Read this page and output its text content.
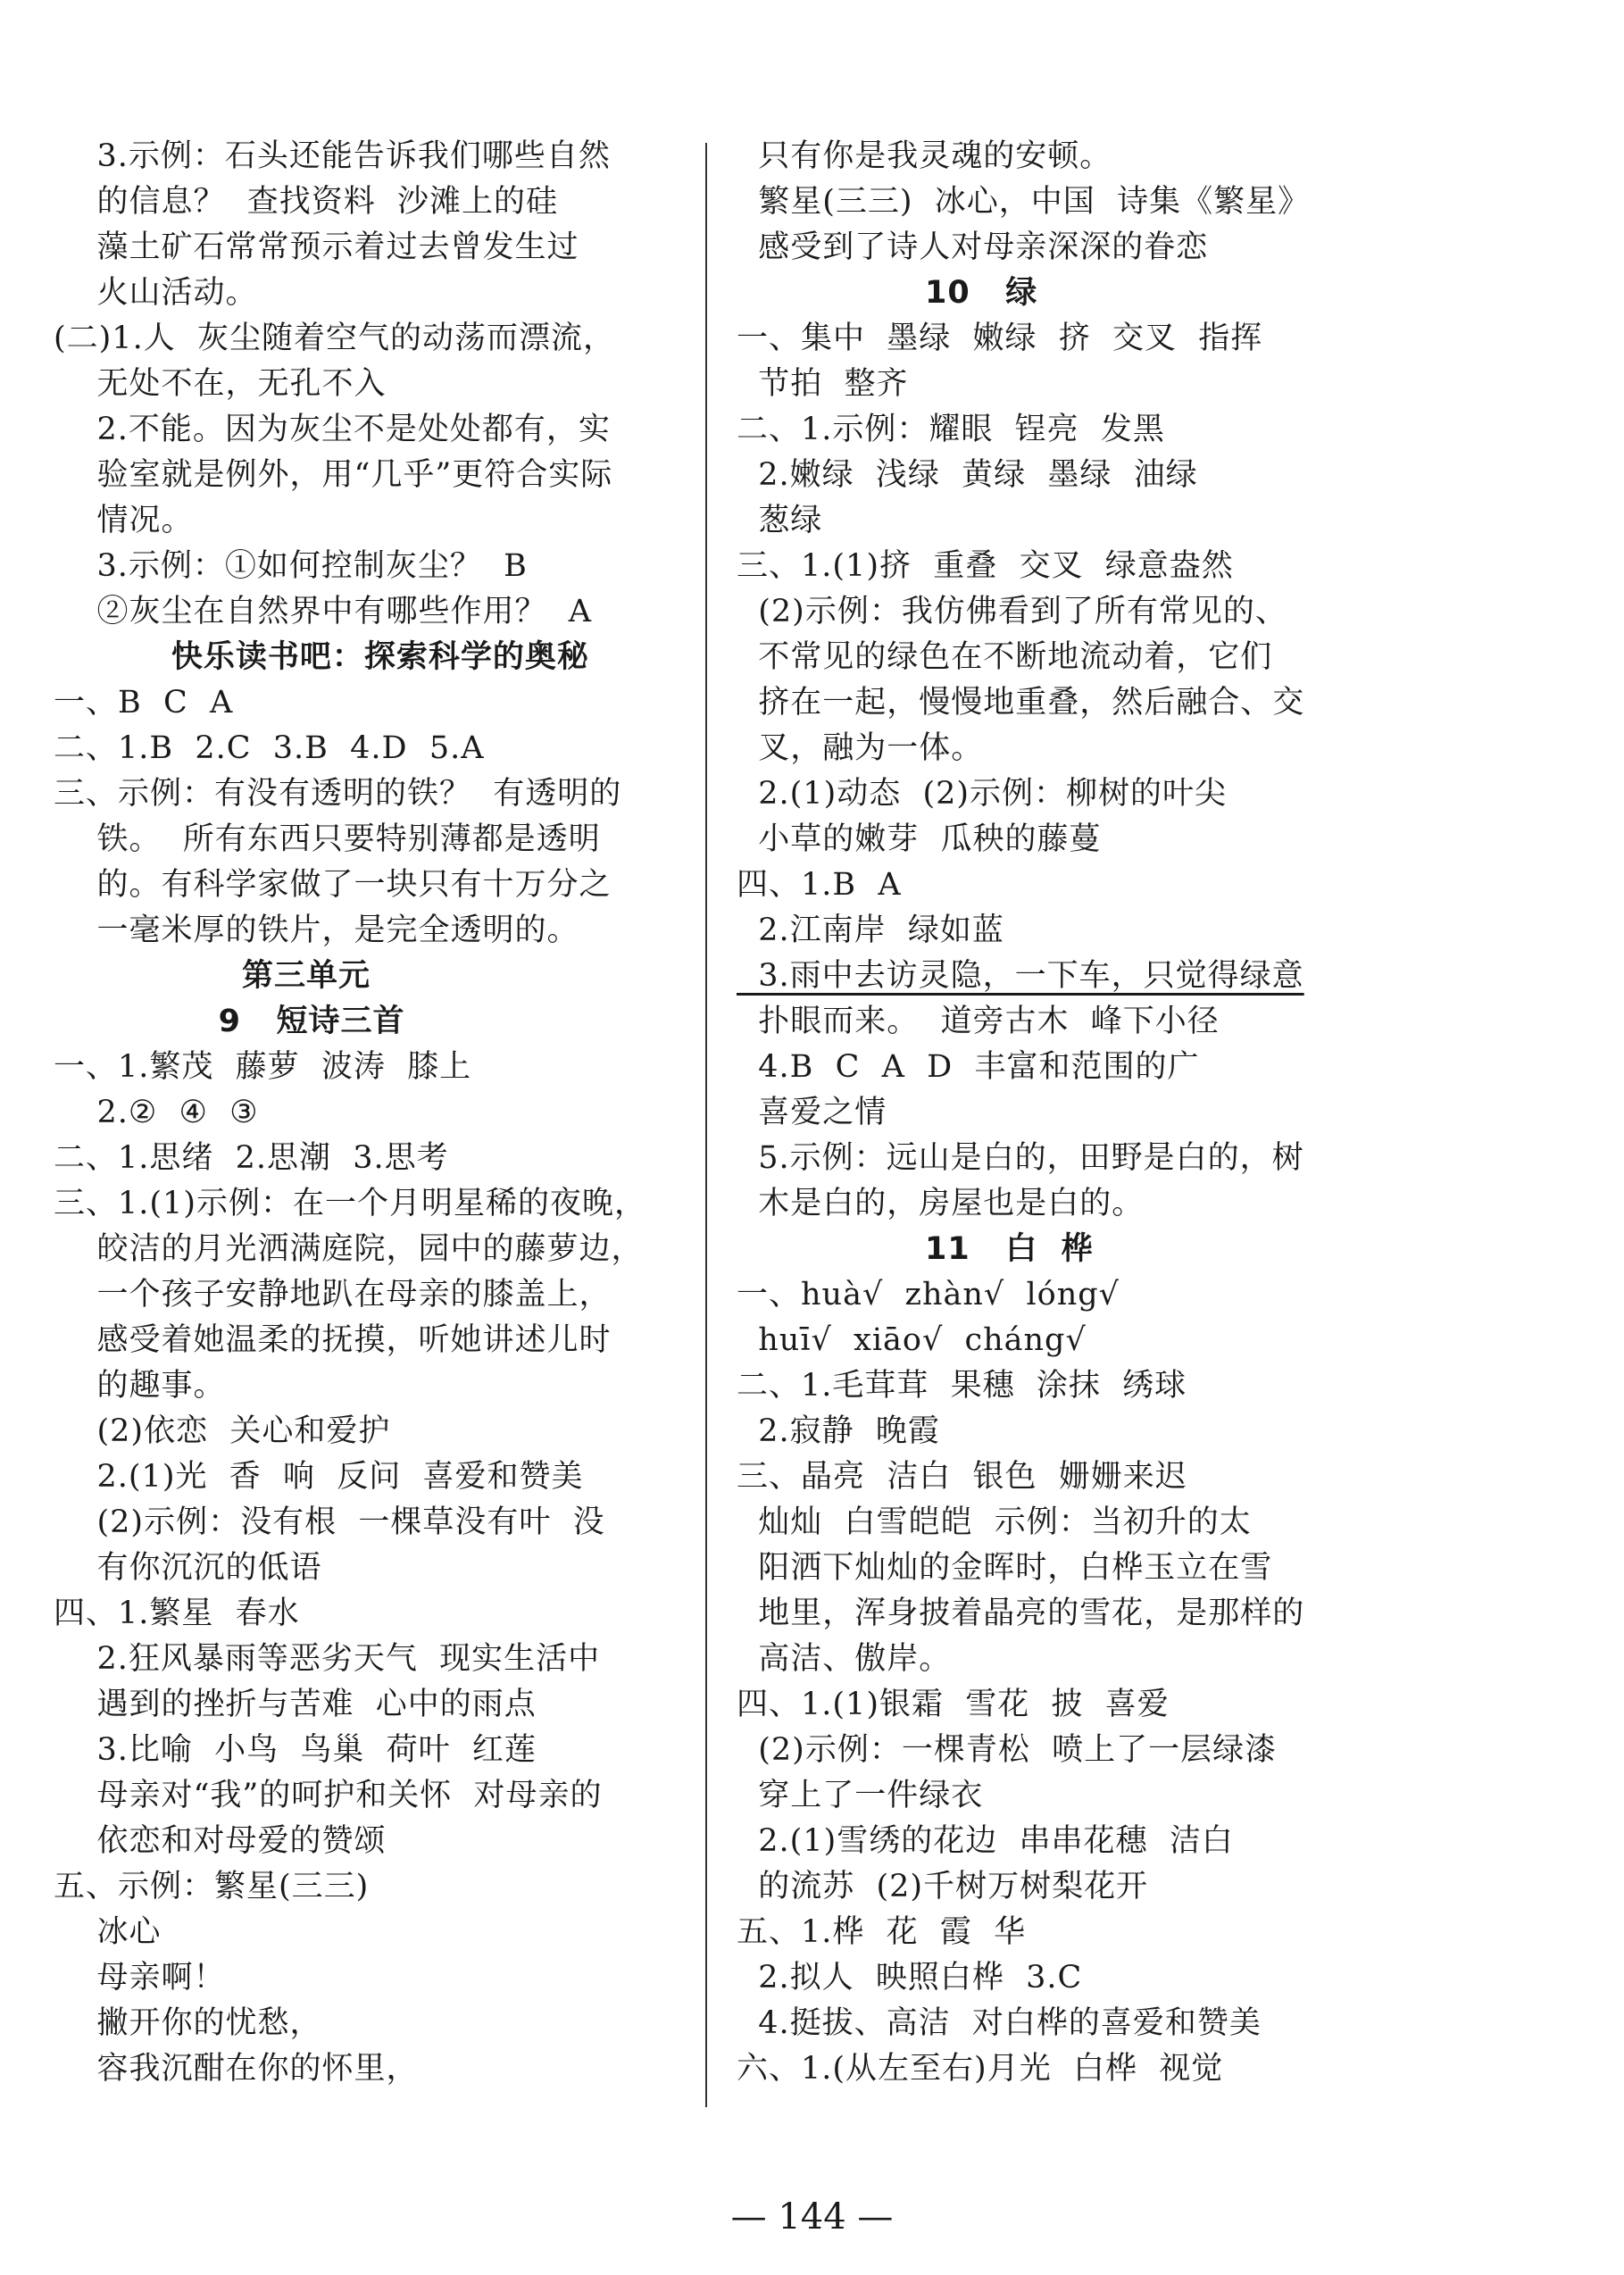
3.示例：石头还能告诉我们哪些自然
的信息？  查找资料  沙滩上的硅
藻土矿石常常预示着过去曾发生过
火山活动。
(二)1.人  灰尘随着空气的动荡而漂流，
无处不在，无孔不入
2.不能。因为灰尘不是处处都有，实
验室就是例外，用“几乎”更符合实际
情况。
3.示例：①如何控制灰尘？  B
②灰尘在自然界中有哪些作用？  A
快乐读书吧：探索科学的奥秘
一、B  C  A
二、1.B  2.C  3.B  4.D  5.A
三、示例：有没有透明的铁？  有透明的
铁。  所有东西只要特别薄都是透明
的。有科学家做了一块只有十万分之
一毫米厚的铁片，是完全透明的。
第三单元
9   短诗三首
一、1.繁茂  藤萝  波涛  膝上
2.②  ④  ③
二、1.思绪  2.思潮  3.思考
三、1.(1)示例：在一个月明星稀的夜晚，
皎洁的月光洒满庭院，园中的藤萝边，
一个孩子安静地趴在母亲的膝盖上，
感受着她温柔的抚摸，听她讲述儿时
的趣事。
(2)依恋  关心和爱护
2.(1)光  香  响  反问  喜爱和赞美
(2)示例：没有根  一棵草没有叶  没
有你沉沉的低语
四、1.繁星  春水
2.狂风暴雨等恶劣天气  现实生活中
遇到的挫折与苦难  心中的雨点
3.比喻  小鸟  鸟巢  荷叶  红莲
母亲对“我”的呵护和关怀  对母亲的
依恋和对母爱的赞颂
五、示例：繁星(三三)
冰心
母亲啊！
撇开你的忧愁，
容我沉酣在你的怀里，
只有你是我灵魂的安顿。
繁星(三三)  冰心，中国  诗集《繁星》
感受到了诗人对母亲深深的眷恋
10   绿
一、集中  墨绿  嫩绿  挤  交叉  指挥
节拍  整齐
二、1.示例：耀眼  锃亮  发黑
2.嫩绿  浅绿  黄绿  墨绿  油绿
葱绿
三、1.(1)挤  重叠  交叉  绿意盎然
(2)示例：我仿佛看到了所有常见的、
不常见的绿色在不断地流动着，它们
挤在一起，慢慢地重叠，然后融合、交
叉，融为一体。
2.(1)动态  (2)示例：柳树的叶尖
小草的嫩芽  瓜秧的藤蔓
四、1.B  A
2.江南岸  绿如蓝
3.雨中去访灵隐，一下车，只觉得绿意
扑眼而来。  道旁古木  峰下小径
4.B  C  A  D  丰富和范围的广
喜爱之情
5.示例：远山是白的，田野是白的，树
木是白的，房屋也是白的。
11   白  桦
一、huà√  zhàn√  lóng√
huī√  xiāo√  cháng√
二、1.毛茸茸  果穗  涂抹  绣球
2.寂静  晚霞
三、晶亮  洁白  银色  姗姗来迟
灿灿  白雪皑皑  示例：当初升的太
阳洒下灿灿的金晖时，白桦玉立在雪
地里，浑身披着晶亮的雪花，是那样的
高洁、傲岸。
四、1.(1)银霜  雪花  披  喜爱
(2)示例：一棵青松  喷上了一层绿漆
穿上了一件绿衣
2.(1)雪绣的花边  串串花穗  洁白
的流苏  (2)千树万树梨花开
五、1.桦  花  霞  华
2.拟人  映照白桦  3.C
4.挺拔、高洁  对白桦的喜爱和赞美
六、1.(从左至右)月光  白桦  视觉
— 144 —
